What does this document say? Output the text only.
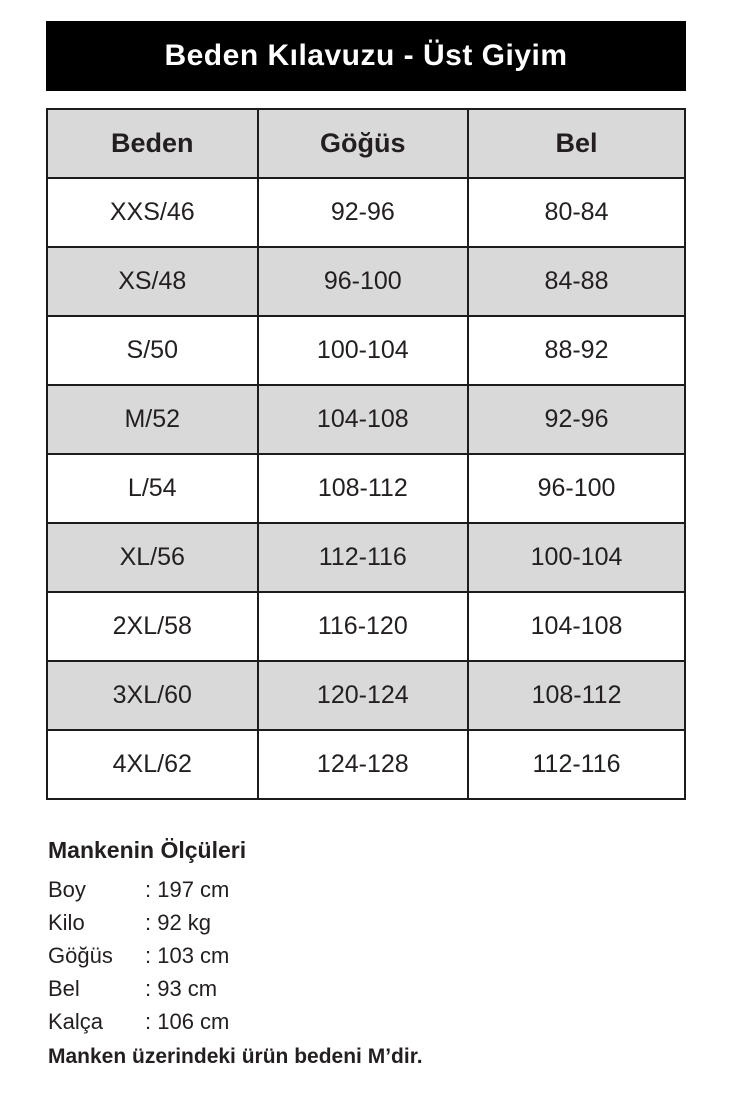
Beden Kılavuzu - Üst Giyim
Beden	Göğüs	Bel
XXS/46	92-96	80-84
XS/48	96-100	84-88
S/50	100-104	88-92
M/52	104-108	92-96
L/54	108-112	96-100
XL/56	112-116	100-104
2XL/58	116-120	104-108
3XL/60	120-124	108-112
4XL/62	124-128	112-116
Mankenin Ölçüleri
Boy	: 197 cm
Kilo	: 92 kg
Göğüs	: 103 cm
Bel	: 93 cm
Kalça	: 106 cm

Manken üzerindeki ürün bedeni M’dir.
